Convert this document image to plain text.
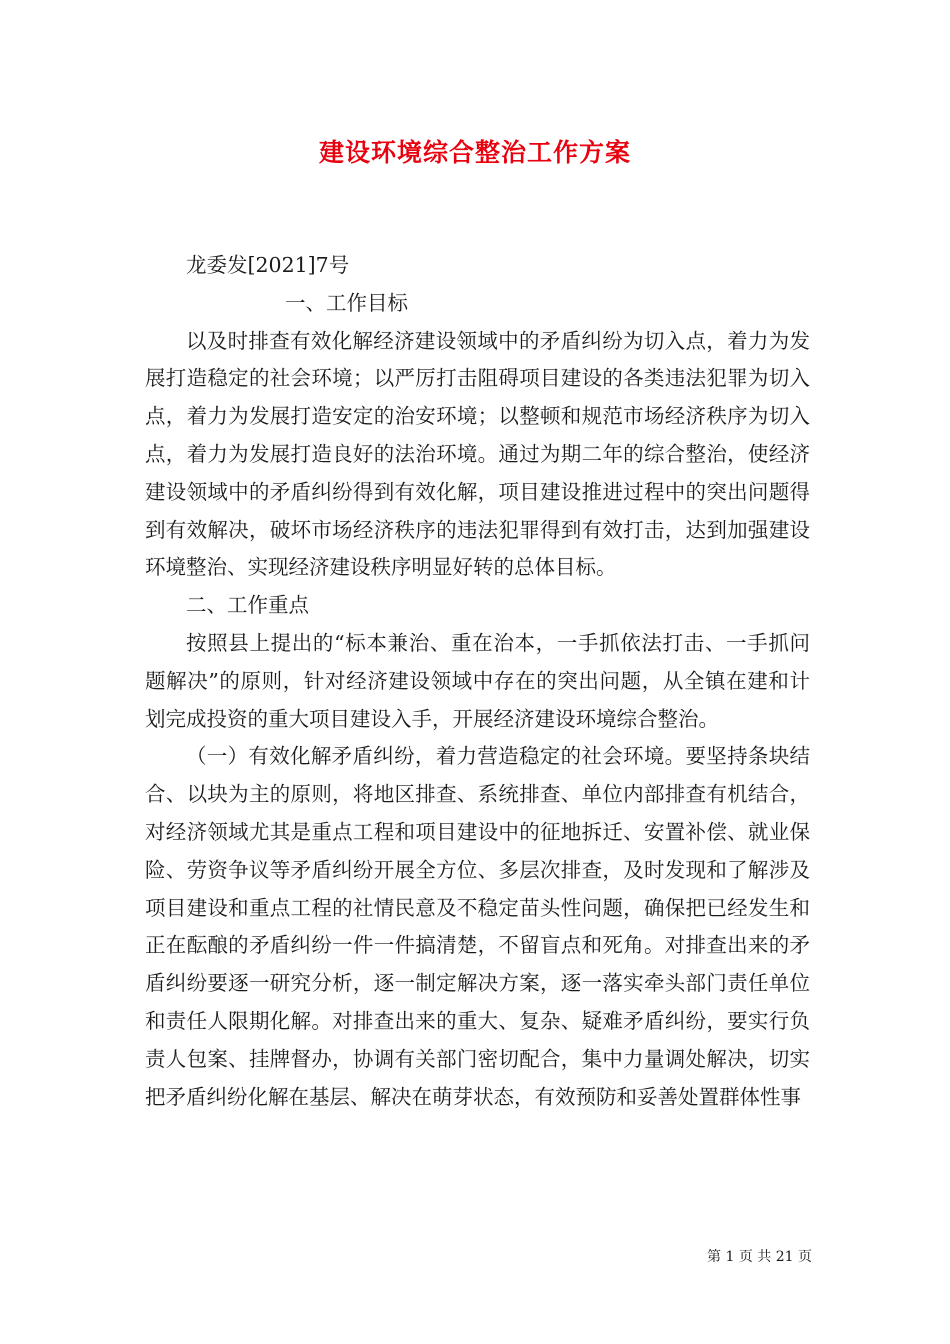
建设环境综合整治工作方案

龙委发[2021]7号

一、工作目标

以及时排查有效化解经济建设领域中的矛盾纠纷为切入点，着力为发展打造稳定的社会环境；以严厉打击阻碍项目建设的各类违法犯罪为切入点，着力为发展打造安定的治安环境；以整顿和规范市场经济秩序为切入点，着力为发展打造良好的法治环境。通过为期二年的综合整治，使经济建设领域中的矛盾纠纷得到有效化解，项目建设推进过程中的突出问题得到有效解决，破坏市场经济秩序的违法犯罪得到有效打击，达到加强建设环境整治、实现经济建设秩序明显好转的总体目标。

二、工作重点

按照县上提出的“标本兼治、重在治本，一手抓依法打击、一手抓问题解决”的原则，针对经济建设领域中存在的突出问题，从全镇在建和计划完成投资的重大项目建设入手，开展经济建设环境综合整治。

（一）有效化解矛盾纠纷，着力营造稳定的社会环境。要坚持条块结合、以块为主的原则，将地区排查、系统排查、单位内部排查有机结合，对经济领域尤其是重点工程和项目建设中的征地拆迁、安置补偿、就业保险、劳资争议等矛盾纠纷开展全方位、多层次排查，及时发现和了解涉及项目建设和重点工程的社情民意及不稳定苗头性问题，确保把已经发生和正在酝酿的矛盾纠纷一件一件搞清楚，不留盲点和死角。对排查出来的矛盾纠纷要逐一研究分析，逐一制定解决方案，逐一落实牵头部门责任单位和责任人限期化解。对排查出来的重大、复杂、疑难矛盾纠纷，要实行负责人包案、挂牌督办，协调有关部门密切配合，集中力量调处解决，切实把矛盾纠纷化解在基层、解决在萌芽状态，有效预防和妥善处置群体性事

第 1 页 共 21 页
